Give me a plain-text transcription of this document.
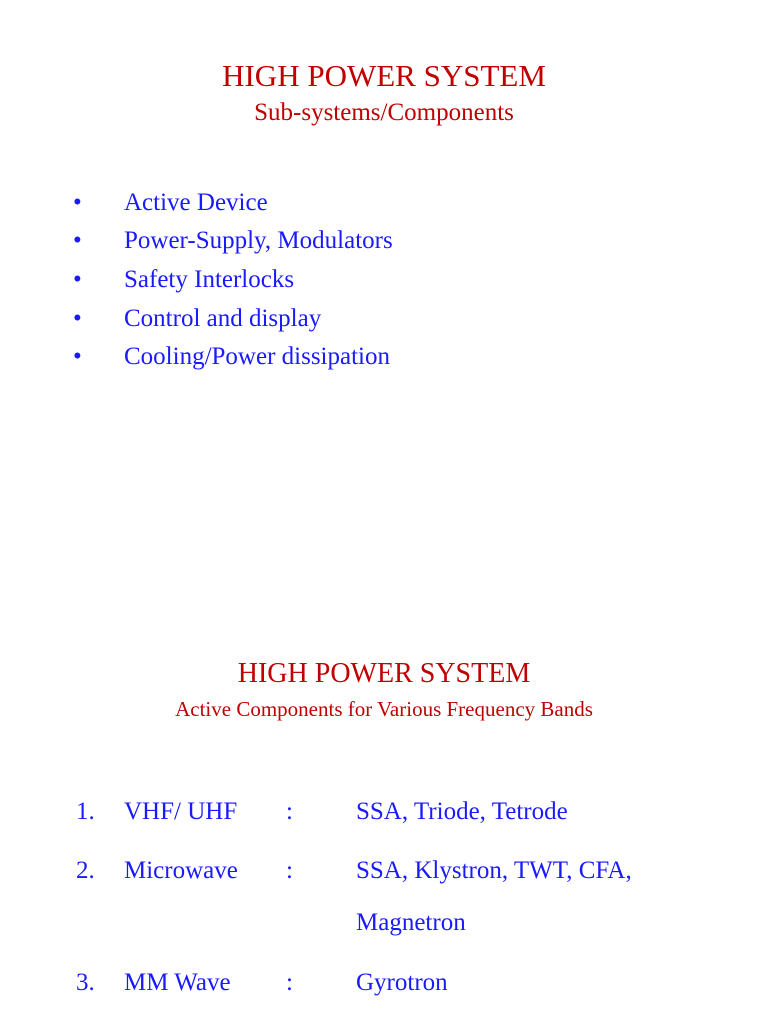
HIGH POWER SYSTEM
Sub-systems/Components
• Active Device
• Power-Supply, Modulators
• Safety Interlocks
• Control and display
• Cooling/Power dissipation
HIGH POWER SYSTEM
Active Components for Various Frequency Bands
1. VHF/ UHF :	SSA, Triode, Tetrode
2. Microwave :	SSA, Klystron, TWT, CFA,
Magnetron
3. MM Wave :	Gyrotron
